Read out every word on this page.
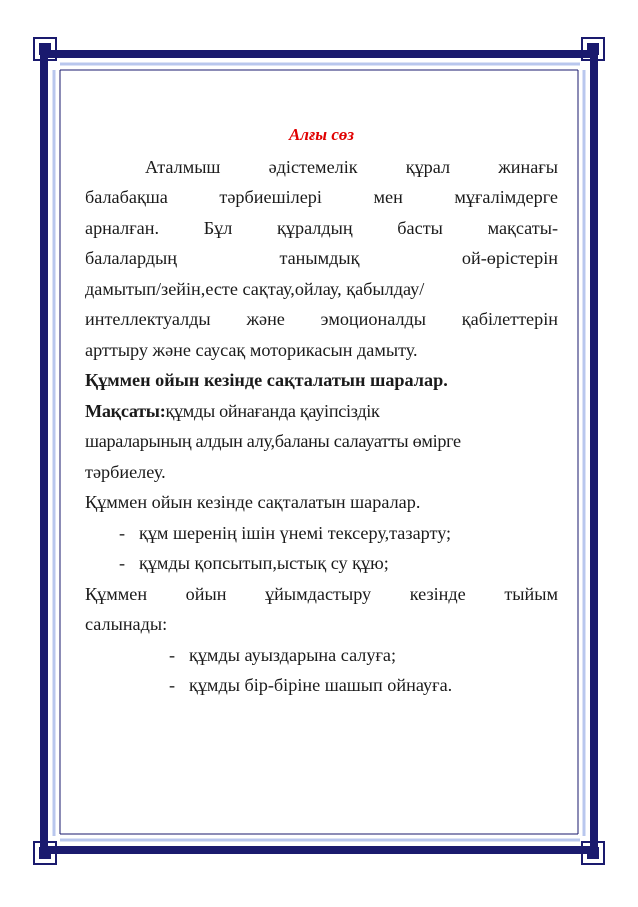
Алғы сөз
Аталмыш әдістемелік құрал жинағы
балабақша тәрбиешілері мен мұғалімдерге
арналған. Бұл құралдың басты мақсаты-
балалардың танымдық ой-өрістерін
дамытып/зейін,есте сақтау,ойлау, қабылдау/
интеллектуалды және эмоционалды қабілеттерін
арттыру және саусақ моторикасын дамыту.
Құммен ойын кезінде сақталатын шаралар.
Мақсаты:құмды ойнағанда қауіпсіздік
шараларының алдын алу,баланы салауатты өмірге
тәрбиелеу.
Құммен ойын кезінде сақталатын шаралар.
- құм шеренің ішін үнемі тексеру,тазарту;
- құмды қопсытып,ыстық су құю;
Құммен ойын ұйымдастыру кезінде тыйым
салынады:
- құмды ауыздарына салуға;
- құмды бір-біріне шашып ойнауға.
